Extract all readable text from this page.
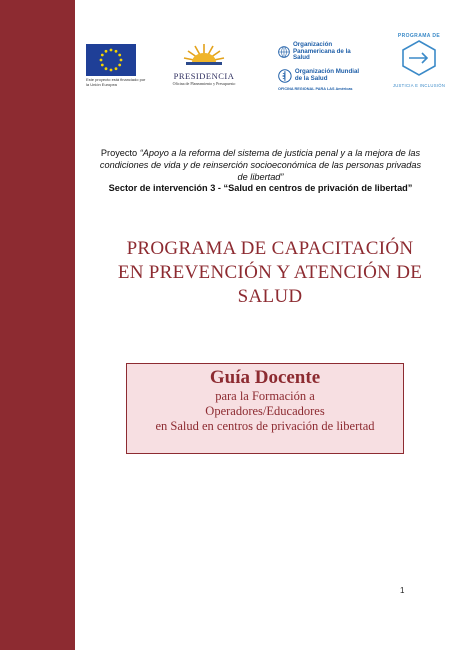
Este proyecto está financiado por la Unión Europea
PRESIDENCIA
Oficina de Planeamiento y Presupuesto
Organización Panamericana de la Salud
Organización Mundial de la Salud
OFICINA REGIONAL PARA LAS Américas
PROGRAMA DE
JUSTICIA E INCLUSIÓN
Proyecto “Apoyo a la reforma del sistema de justicia penal y a la mejora de las condiciones de vida y de reinserción socioeconómica de las personas privadas de libertad”
Sector de intervención 3 - “Salud en centros de privación de libertad”
PROGRAMA DE CAPACITACIÓN
EN PREVENCIÓN Y ATENCIÓN DE
SALUD
Guía Docente
para la Formación a
Operadores/Educadores
en Salud en centros de privación de libertad
1
